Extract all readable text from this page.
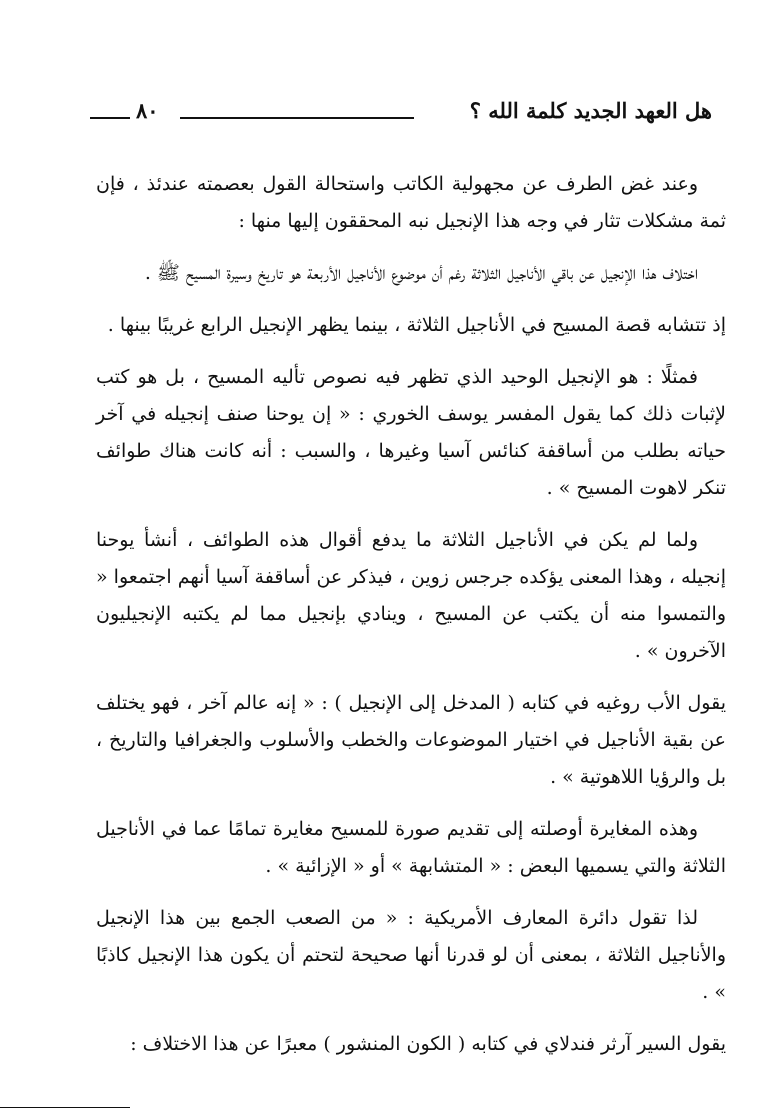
هل العهد الجديد كلمة الله ؟
٨٠

وعند غض الطرف عن مجهولية الكاتب واستحالة القول بعصمته عندئذ ، فإن ثمة مشكلات تثار في وجه هذا الإنجيل نبه المحققون إليها منها :

اختلاف هذا الإنجيل عن باقي الأناجيل الثلاثة رغم أن موضوع الأناجيل الأربعة هو تاريخ وسيرة المسيح ﷺ .

إذ تتشابه قصة المسيح في الأناجيل الثلاثة ، بينما يظهر الإنجيل الرابع غريبًا بينها .

فمثلًا : هو الإنجيل الوحيد الذي تظهر فيه نصوص تأليه المسيح ، بل هو كتب لإثبات ذلك كما يقول المفسر يوسف الخوري : « إن يوحنا صنف إنجيله في آخر حياته بطلب من أساقفة كنائس آسيا وغيرها ، والسبب : أنه كانت هناك طوائف تنكر لاهوت المسيح » .

ولما لم يكن في الأناجيل الثلاثة ما يدفع أقوال هذه الطوائف ، أنشأ يوحنا إنجيله ، وهذا المعنى يؤكده جرجس زوين ، فيذكر عن أساقفة آسيا أنهم اجتمعوا « والتمسوا منه أن يكتب عن المسيح ، وينادي بإنجيل مما لم يكتبه الإنجيليون الآخرون » .

يقول الأب روغيه في كتابه ( المدخل إلى الإنجيل ) : « إنه عالم آخر ، فهو يختلف عن بقية الأناجيل في اختيار الموضوعات والخطب والأسلوب والجغرافيا والتاريخ ، بل والرؤيا اللاهوتية » .

وهذه المغايرة أوصلته إلى تقديم صورة للمسيح مغايرة تمامًا عما في الأناجيل الثلاثة والتي يسميها البعض : « المتشابهة » أو « الإزائية » .

لذا تقول دائرة المعارف الأمريكية : « من الصعب الجمع بين هذا الإنجيل والأناجيل الثلاثة ، بمعنى أن لو قدرنا أنها صحيحة لتحتم أن يكون هذا الإنجيل كاذبًا » .

يقول السير آرثر فندلاي في كتابه ( الكون المنشور ) معبرًا عن هذا الاختلاف :
